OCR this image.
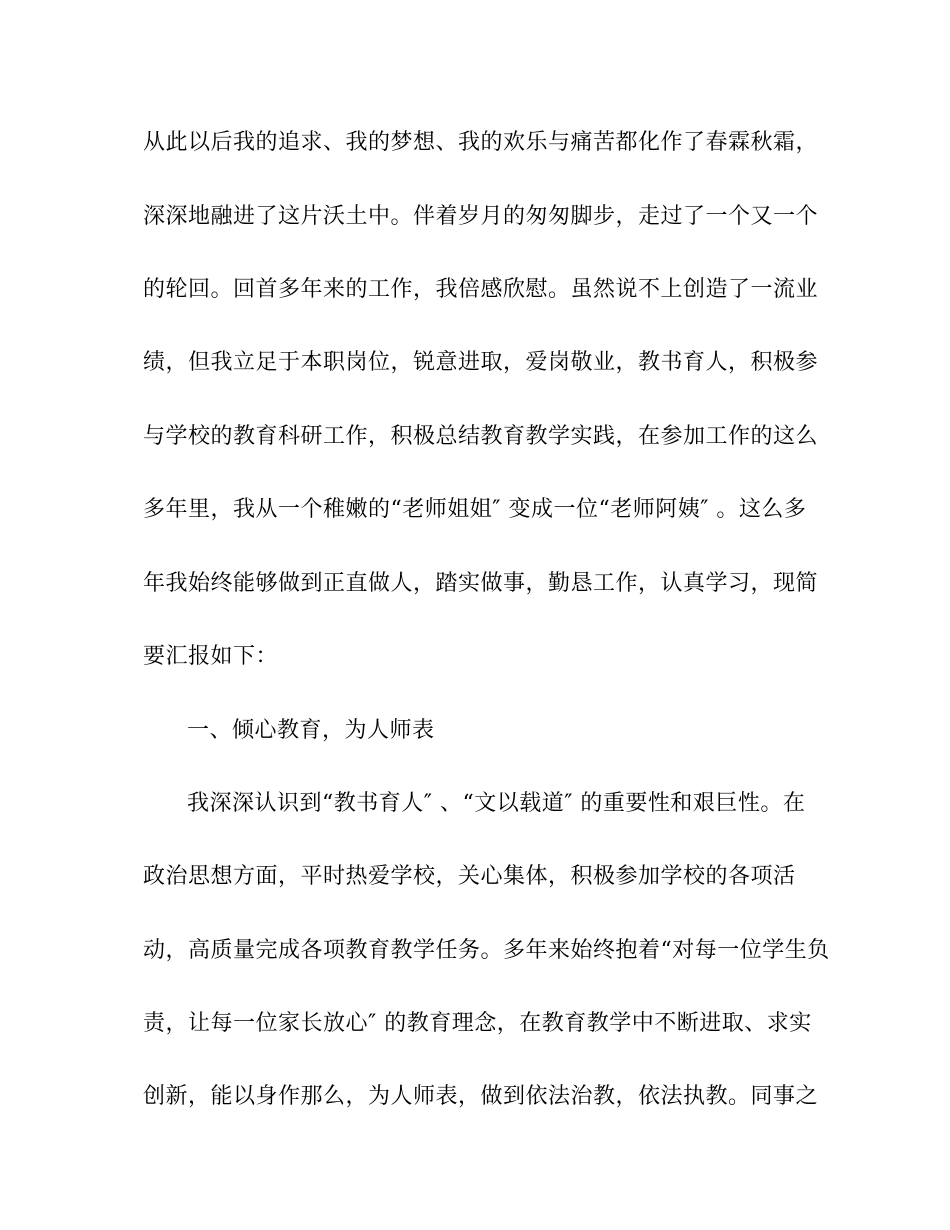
从此以后我的追求、我的梦想、我的欢乐与痛苦都化作了春霖秋霜，
深深地融进了这片沃土中。伴着岁月的匆匆脚步，走过了一个又一个
的轮回。回首多年来的工作，我倍感欣慰。虽然说不上创造了一流业
绩，但我立足于本职岗位，锐意进取，爱岗敬业，教书育人，积极参
与学校的教育科研工作，积极总结教育教学实践，在参加工作的这么
多年里，我从一个稚嫩的“老师姐姐″ 变成一位“老师阿姨″ 。这么多
年我始终能够做到正直做人，踏实做事，勤恳工作，认真学习，现简
要汇报如下：
一、倾心教育，为人师表
我深深认识到“教书育人″ 、“文以载道″ 的重要性和艰巨性。在
政治思想方面，平时热爱学校，关心集体，积极参加学校的各项活
动，高质量完成各项教育教学任务。多年来始终抱着“对每一位学生负
责，让每一位家长放心″ 的教育理念，在教育教学中不断进取、求实
创新，能以身作那么，为人师表，做到依法治教，依法执教。同事之
